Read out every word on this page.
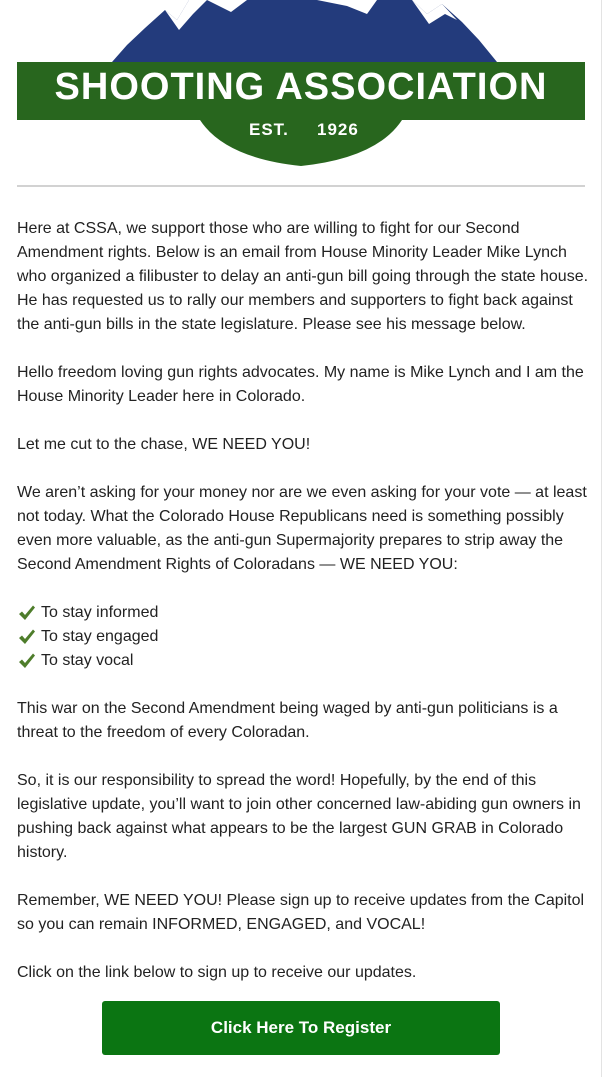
SHOOTING ASSOCIATION
EST. 1926

Here at CSSA, we support those who are willing to fight for our Second Amendment rights. Below is an email from House Minority Leader Mike Lynch who organized a filibuster to delay an anti-gun bill going through the state house. He has requested us to rally our members and supporters to fight back against the anti-gun bills in the state legislature. Please see his message below.

Hello freedom loving gun rights advocates. My name is Mike Lynch and I am the House Minority Leader here in Colorado.

Let me cut to the chase, WE NEED YOU!

We aren’t asking for your money nor are we even asking for your vote — at least not today. What the Colorado House Republicans need is something possibly even more valuable, as the anti-gun Supermajority prepares to strip away the Second Amendment Rights of Coloradans — WE NEED YOU:

To stay informed
To stay engaged
To stay vocal

This war on the Second Amendment being waged by anti-gun politicians is a threat to the freedom of every Coloradan.

So, it is our responsibility to spread the word! Hopefully, by the end of this legislative update, you’ll want to join other concerned law-abiding gun owners in pushing back against what appears to be the largest GUN GRAB in Colorado history.

Remember, WE NEED YOU! Please sign up to receive updates from the Capitol so you can remain INFORMED, ENGAGED, and VOCAL!

Click on the link below to sign up to receive our updates.

Click Here To Register
